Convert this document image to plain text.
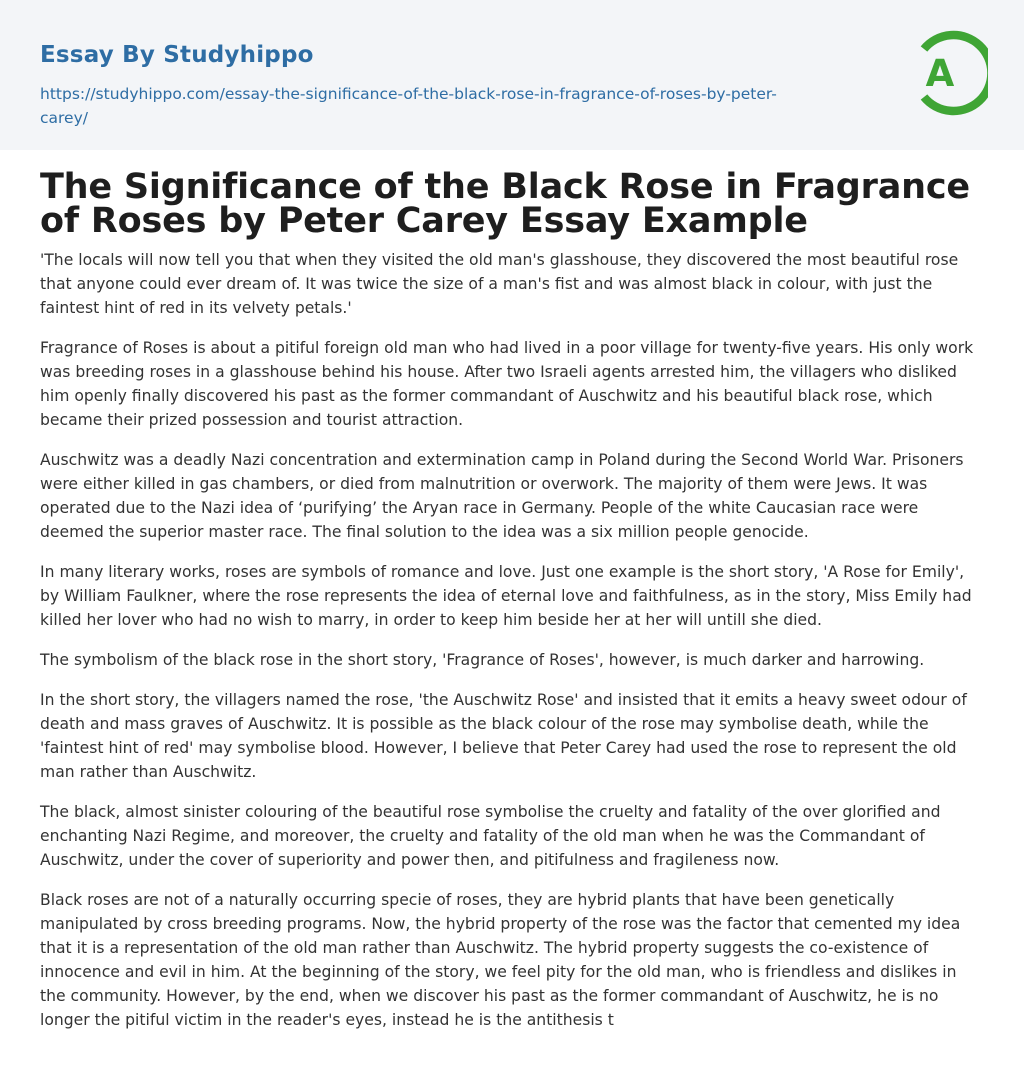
Essay By Studyhippo
https://studyhippo.com/essay-the-significance-of-the-black-rose-in-fragrance-of-roses-by-peter-carey/
A
The Significance of the Black Rose in Fragrance of Roses by Peter Carey Essay Example

'The locals will now tell you that when they visited the old man's glasshouse, they discovered the most beautiful rose that anyone could ever dream of. It was twice the size of a man's fist and was almost black in colour, with just the faintest hint of red in its velvety petals.'

Fragrance of Roses is about a pitiful foreign old man who had lived in a poor village for twenty-five years. His only work was breeding roses in a glasshouse behind his house. After two Israeli agents arrested him, the villagers who disliked him openly finally discovered his past as the former commandant of Auschwitz and his beautiful black rose, which became their prized possession and tourist attraction.

Auschwitz was a deadly Nazi concentration and extermination camp in Poland during the Second World War. Prisoners were either killed in gas chambers, or died from malnutrition or overwork. The majority of them were Jews. It was operated due to the Nazi idea of ‘purifying’ the Aryan race in Germany. People of the white Caucasian race were deemed the superior master race. The final solution to the idea was a six million people genocide.

In many literary works, roses are symbols of romance and love. Just one example is the short story, 'A Rose for Emily', by William Faulkner, where the rose represents the idea of eternal love and faithfulness, as in the story, Miss Emily had killed her lover who had no wish to marry, in order to keep him beside her at her will untill she died.

The symbolism of the black rose in the short story, 'Fragrance of Roses', however, is much darker and harrowing.

In the short story, the villagers named the rose, 'the Auschwitz Rose' and insisted that it emits a heavy sweet odour of death and mass graves of Auschwitz. It is possible as the black colour of the rose may symbolise death, while the 'faintest hint of red' may symbolise blood. However, I believe that Peter Carey had used the rose to represent the old man rather than Auschwitz.

The black, almost sinister colouring of the beautiful rose symbolise the cruelty and fatality of the over glorified and enchanting Nazi Regime, and moreover, the cruelty and fatality of the old man when he was the Commandant of Auschwitz, under the cover of superiority and power then, and pitifulness and fragileness now.

Black roses are not of a naturally occurring specie of roses, they are hybrid plants that have been genetically manipulated by cross breeding programs. Now, the hybrid property of the rose was the factor that cemented my idea that it is a representation of the old man rather than Auschwitz. The hybrid property suggests the co-existence of innocence and evil in him. At the beginning of the story, we feel pity for the old man, who is friendless and dislikes in the community. However, by the end, when we discover his past as the former commandant of Auschwitz, he is no longer the pitiful victim in the reader's eyes, instead he is the antithesis t
